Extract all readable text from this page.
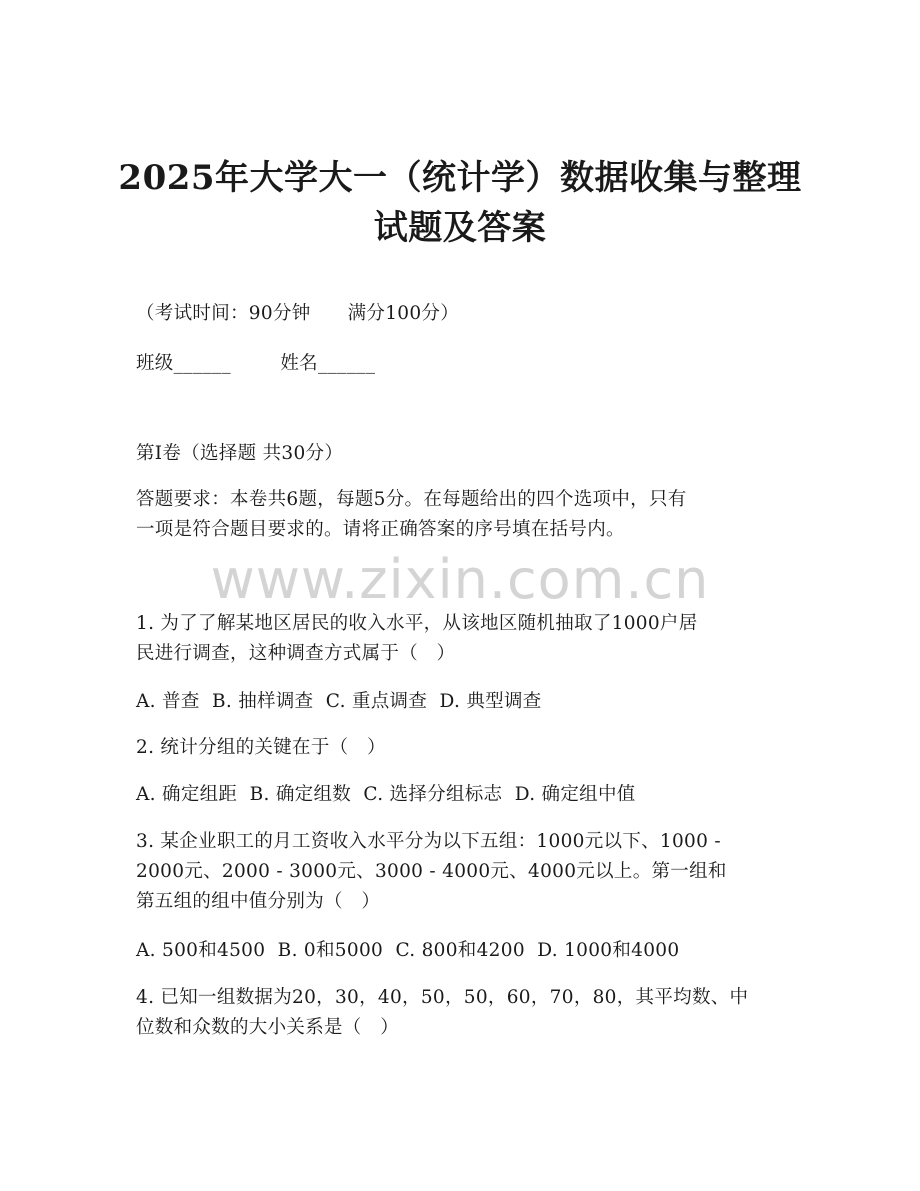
2025年大学大一（统计学）数据收集与整理
试题及答案
（考试时间：90分钟      满分100分）
班级______        姓名______
第I卷（选择题 共30分）
答题要求：本卷共6题，每题5分。在每题给出的四个选项中，只有
一项是符合题目要求的。请将正确答案的序号填在括号内。
www.zixin.com.cn
1. 为了了解某地区居民的收入水平，从该地区随机抽取了1000户居
民进行调查，这种调查方式属于（   ）
A. 普查  B. 抽样调查  C. 重点调查  D. 典型调查
2. 统计分组的关键在于（   ）
A. 确定组距  B. 确定组数  C. 选择分组标志  D. 确定组中值
3. 某企业职工的月工资收入水平分为以下五组：1000元以下、1000 -
2000元、2000 - 3000元、3000 - 4000元、4000元以上。第一组和
第五组的组中值分别为（   ）
A. 500和4500  B. 0和5000  C. 800和4200  D. 1000和4000
4. 已知一组数据为20，30，40，50，50，60，70，80，其平均数、中
位数和众数的大小关系是（   ）
